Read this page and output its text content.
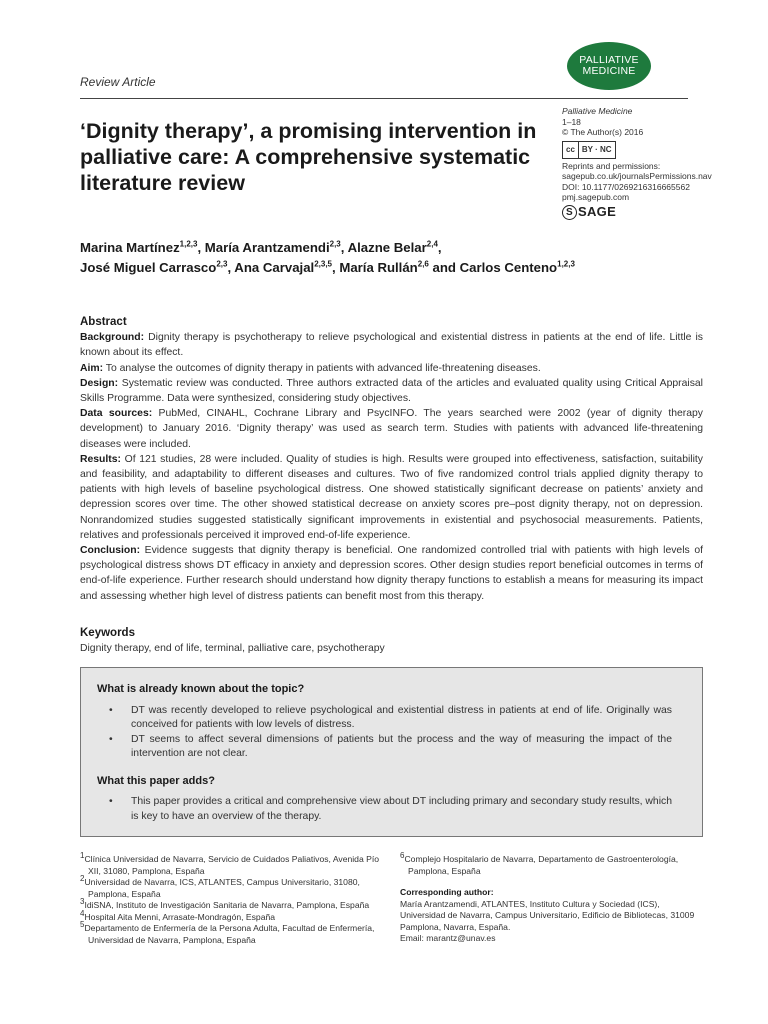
Review Article
PALLIATIVE
MEDICINE
‘Dignity therapy’, a promising intervention in palliative care: A comprehensive systematic literature review
Palliative Medicine
1–18
© The Author(s) 2016
cc BY · NC
Reprints and permissions:
sagepub.co.uk/journalsPermissions.nav
DOI: 10.1177/0269216316665562
pmj.sagepub.com
S SAGE
Marina Martínez$^{1,2,3}$, María Arantzamendi$^{2,3}$, Alazne Belar$^{2,4}$,
José Miguel Carrasco$^{2,3}$, Ana Carvajal$^{2,3,5}$, María Rullán$^{2,6}$ and Carlos Centeno$^{1,2,3}$
Abstract

Background: Dignity therapy is psychotherapy to relieve psychological and existential distress in patients at the end of life. Little is known about its effect.

Aim: To analyse the outcomes of dignity therapy in patients with advanced life-threatening diseases.

Design: Systematic review was conducted. Three authors extracted data of the articles and evaluated quality using Critical Appraisal Skills Programme. Data were synthesized, considering study objectives.

Data sources: PubMed, CINAHL, Cochrane Library and PsycINFO. The years searched were 2002 (year of dignity therapy development) to January 2016. ‘Dignity therapy’ was used as search term. Studies with patients with advanced life-threatening diseases were included.

Results: Of 121 studies, 28 were included. Quality of studies is high. Results were grouped into effectiveness, satisfaction, suitability and feasibility, and adaptability to different diseases and cultures. Two of five randomized control trials applied dignity therapy to patients with high levels of baseline psychological distress. One showed statistically significant decrease on patients’ anxiety and depression scores over time. The other showed statistical decrease on anxiety scores pre–post dignity therapy, not on depression. Nonrandomized studies suggested statistically significant improvements in existential and psychosocial measurements. Patients, relatives and professionals perceived it improved end-of-life experience.

Conclusion: Evidence suggests that dignity therapy is beneficial. One randomized controlled trial with patients with high levels of psychological distress shows DT efficacy in anxiety and depression scores. Other design studies report beneficial outcomes in terms of end-of-life experience. Further research should understand how dignity therapy functions to establish a means for measuring its impact and assessing whether high level of distress patients can benefit most from this therapy.

Keywords

Dignity therapy, end of life, terminal, palliative care, psychotherapy

What is already known about the topic?
• DT was recently developed to relieve psychological and existential distress in patients at end of life. Originally was conceived for patients with low levels of distress.
• DT seems to affect several dimensions of patients but the process and the way of measuring the impact of the intervention are not clear.
What this paper adds?
• This paper provides a critical and comprehensive view about DT including primary and secondary study results, which is key to have an overview of the therapy.

$^1$Clínica Universidad de Navarra, Servicio de Cuidados Paliativos, Avenida Pío XII, 31080, Pamplona, España

$^2$Universidad de Navarra, ICS, ATLANTES, Campus Universitario, 31080, Pamplona, España

$^3$IdiSNA, Instituto de Investigación Sanitaria de Navarra, Pamplona, España

$^4$Hospital Aita Menni, Arrasate-Mondragón, España

$^5$Departamento de Enfermería de la Persona Adulta, Facultad de Enfermería, Universidad de Navarra, Pamplona, España

$^6$Complejo Hospitalario de Navarra, Departamento de Gastroenterología, Pamplona, España

Corresponding author:

María Arantzamendi, ATLANTES, Instituto Cultura y Sociedad (ICS), Universidad de Navarra, Campus Universitario, Edificio de Bibliotecas, 31009 Pamplona, Navarra, España.

Email: marantz@unav.es
